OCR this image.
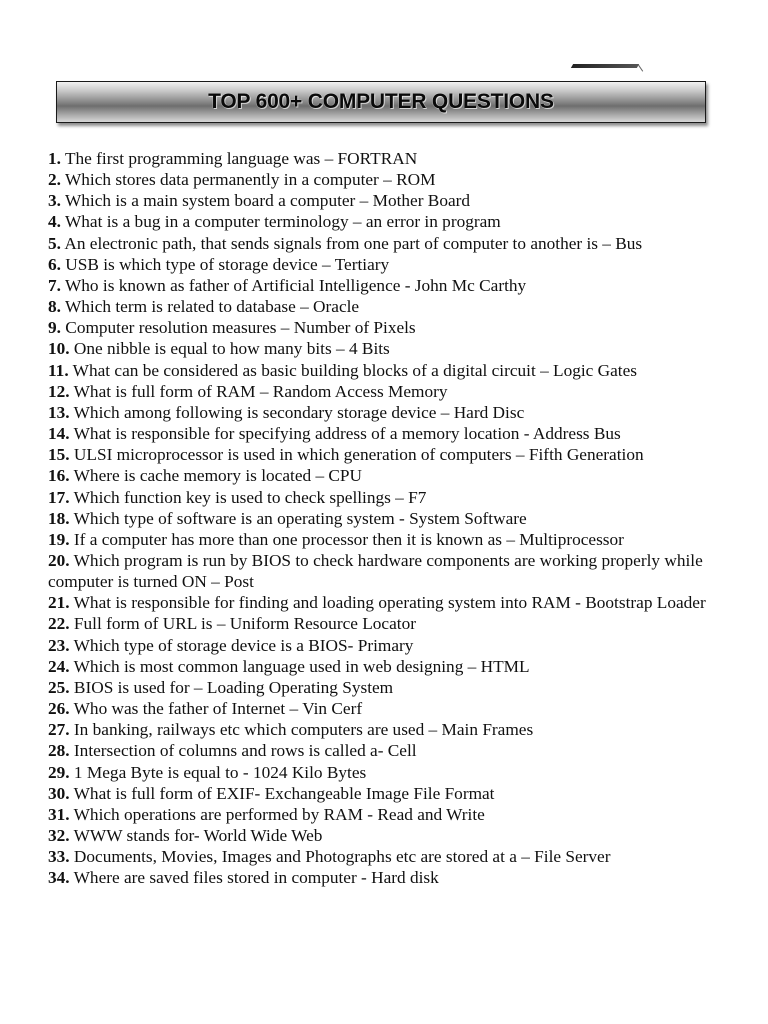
TOP 600+ COMPUTER QUESTIONS
1. The first programming language was – FORTRAN
2. Which stores data permanently in a computer – ROM
3. Which is a main system board a computer – Mother Board
4. What is a bug in a computer terminology – an error in program
5. An electronic path, that sends signals from one part of computer to another is – Bus
6. USB is which type of storage device – Tertiary
7. Who is known as father of Artificial Intelligence - John Mc Carthy
8. Which term is related to database – Oracle
9. Computer resolution measures – Number of Pixels
10. One nibble is equal to how many bits – 4 Bits
11. What can be considered as basic building blocks of a digital circuit – Logic Gates
12. What is full form of RAM – Random Access Memory
13. Which among following is secondary storage device – Hard Disc
14. What is responsible for specifying address of a memory location - Address Bus
15. ULSI microprocessor is used in which generation of computers – Fifth Generation
16. Where is cache memory is located – CPU
17. Which function key is used to check spellings – F7
18. Which type of software is an operating system - System Software
19. If a computer has more than one processor then it is known as – Multiprocessor
20. Which program is run by BIOS to check hardware components are working properly while computer is turned ON – Post
21. What is responsible for finding and loading operating system into RAM - Bootstrap Loader
22. Full form of URL is – Uniform Resource Locator
23. Which type of storage device is a BIOS- Primary
24. Which is most common language used in web designing – HTML
25. BIOS is used for – Loading Operating System
26. Who was the father of Internet – Vin Cerf
27. In banking, railways etc which computers are used – Main Frames
28. Intersection of columns and rows is called a- Cell
29. 1 Mega Byte is equal to - 1024 Kilo Bytes
30. What is full form of EXIF- Exchangeable Image File Format
31. Which operations are performed by RAM - Read and Write
32. WWW stands for- World Wide Web
33. Documents, Movies, Images and Photographs etc are stored at a – File Server
34. Where are saved files stored in computer - Hard disk
